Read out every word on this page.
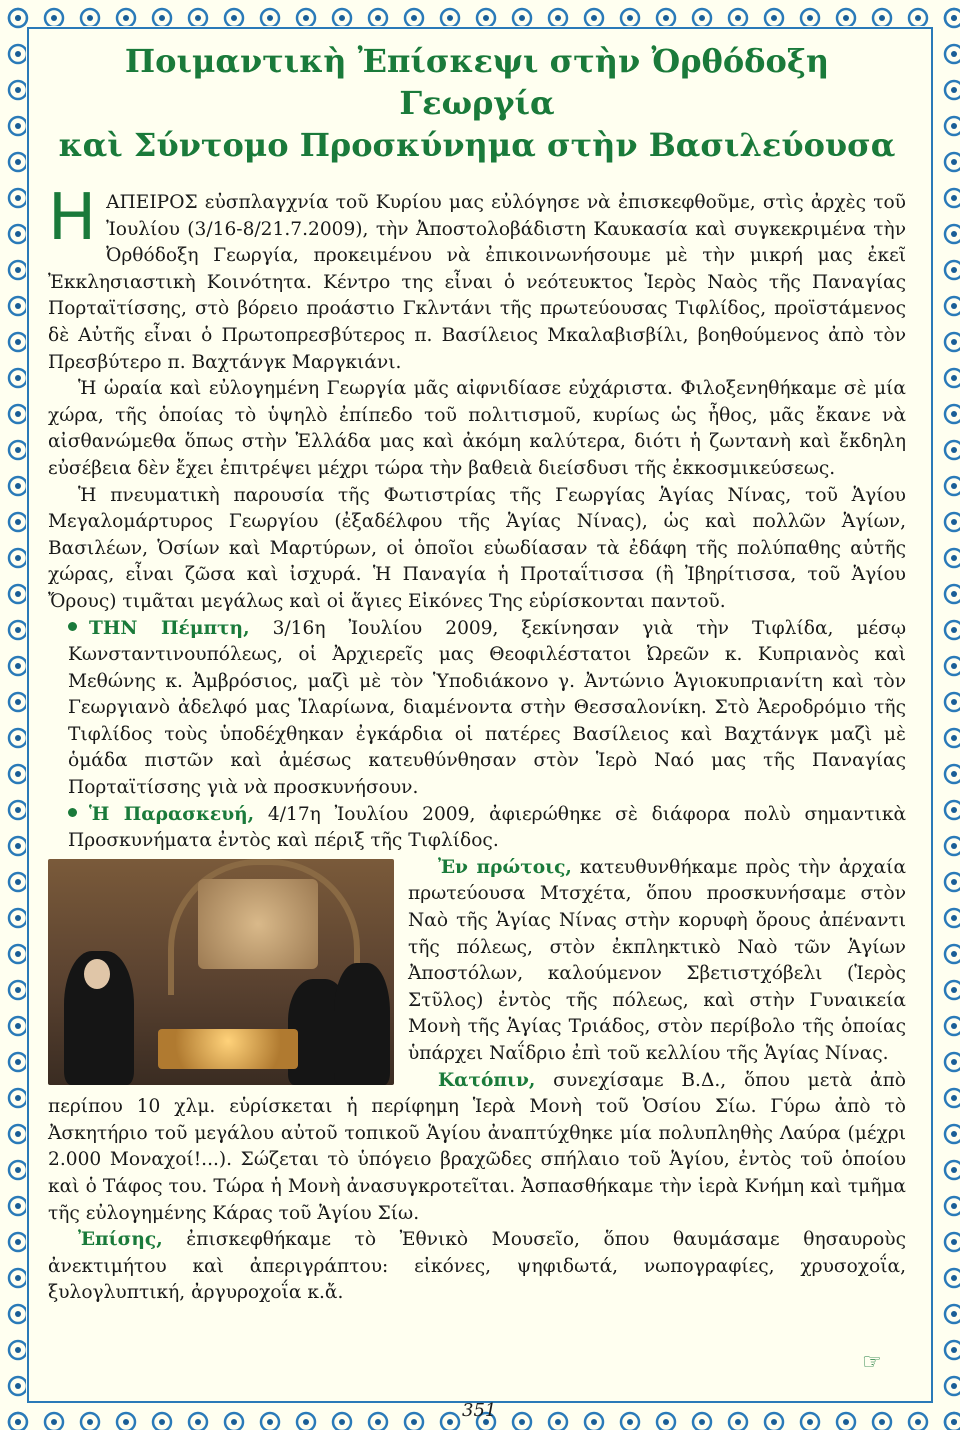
Ποιμαντικὴ Ἐπίσκεψι στὴν Ὀρθόδοξη Γεωργία
καὶ Σύντομο Προσκύνημα στὴν Βασιλεύουσα

ΗΑΠΕΙΡΟΣ εὐσπλαγχνία τοῦ Κυρίου μας εὐλόγησε νὰ ἐπισκεφθοῦμε, στὶς ἀρχὲς τοῦ Ἰουλίου (3/16-8/21.7.2009), τὴν Ἀποστολοβάδιστη Καυκασία καὶ συγκεκριμένα τὴν Ὀρθόδοξη Γεωργία, προκειμένου νὰ ἐπικοινωνήσουμε μὲ τὴν μικρή μας ἐκεῖ Ἐκκλησιαστικὴ Κοινότητα. Κέντρο της εἶναι ὁ νεότευκτος Ἱερὸς Ναὸς τῆς Παναγίας Πορταϊτίσσης, στὸ βόρειο προάστιο Γκλντάνι τῆς πρωτεύουσας Τιφλίδος, προϊστάμενος δὲ Αὐτῆς εἶναι ὁ Πρωτοπρεσβύτερος π. Βασίλειος Μκαλαβισβίλι, βοηθούμενος ἀπὸ τὸν Πρεσβύτερο π. Βαχτάνγκ Μαργκιάνι.

Ἡ ὡραία καὶ εὐλογημένη Γεωργία μᾶς αἰφνιδίασε εὐχάριστα. Φιλοξενηθήκαμε σὲ μία χώρα, τῆς ὁποίας τὸ ὑψηλὸ ἐπίπεδο τοῦ πολιτισμοῦ, κυρίως ὡς ἦθος, μᾶς ἔκανε νὰ αἰσθανώμεθα ὅπως στὴν Ἑλλάδα μας καὶ ἀκόμη καλύτερα, διότι ἡ ζωντανὴ καὶ ἔκδηλη εὐσέβεια δὲν ἔχει ἐπιτρέψει μέχρι τώρα τὴν βαθειὰ διείσδυσι τῆς ἐκκοσμικεύσεως.

Ἡ πνευματικὴ παρουσία τῆς Φωτιστρίας τῆς Γεωργίας Ἁγίας Νίνας, τοῦ Ἁγίου Μεγαλομάρτυρος Γεωργίου (ἐξαδέλφου τῆς Ἁγίας Νίνας), ὡς καὶ πολλῶν Ἁγίων, Βασιλέων, Ὁσίων καὶ Μαρτύρων, οἱ ὁποῖοι εὐωδίασαν τὰ ἐδάφη τῆς πολύπαθης αὐτῆς χώρας, εἶναι ζῶσα καὶ ἰσχυρά. Ἡ Παναγία ἡ Προταΐτισσα (ἢ Ἰβηρίτισσα, τοῦ Ἁγίου Ὄρους) τιμᾶται μεγάλως καὶ οἱ ἅγιες Εἰκόνες Της εὑρίσκονται παντοῦ.

ΤΗΝ Πέμπτη, 3/16η Ἰουλίου 2009, ξεκίνησαν γιὰ τὴν Τιφλίδα, μέσῳ Κωνσταντινουπόλεως, οἱ Ἀρχιερεῖς μας Θεοφιλέστατοι Ὠρεῶν κ. Κυπριανὸς καὶ Μεθώνης κ. Ἀμβρόσιος, μαζὶ μὲ τὸν Ὑποδιάκονο γ. Ἀντώνιο Ἁγιοκυπριανίτη καὶ τὸν Γεωργιανὸ ἀδελφό μας Ἱλαρίωνα, διαμένοντα στὴν Θεσσαλονίκη. Στὸ Ἀεροδρόμιο τῆς Τιφλίδος τοὺς ὑποδέχθηκαν ἐγκάρδια οἱ πατέρες Βασίλειος καὶ Βαχτάνγκ μαζὶ μὲ ὁμάδα πιστῶν καὶ ἀμέσως κατευθύνθησαν στὸν Ἱερὸ Ναό μας τῆς Παναγίας Πορταϊτίσσης γιὰ νὰ προσκυνήσουν.

Ἡ Παρασκευή, 4/17η Ἰουλίου 2009, ἀφιερώθηκε σὲ διάφορα πολὺ σημαντικὰ Προσκυνήματα ἐντὸς καὶ πέριξ τῆς Τιφλίδος.

Ἐν πρώτοις, κατευθυνθήκαμε πρὸς τὴν ἀρχαία πρωτεύουσα Μτσχέτα, ὅπου προσκυνήσαμε στὸν Ναὸ τῆς Ἁγίας Νίνας στὴν κορυφὴ ὄρους ἀπέναντι τῆς πόλεως, στὸν ἐκπληκτικὸ Ναὸ τῶν Ἁγίων Ἀποστόλων, καλούμενον Σβετιστχόβελι (Ἱερὸς Στῦλος) ἐντὸς τῆς πόλεως, καὶ στὴν Γυναικεία Μονὴ τῆς Ἁγίας Τριάδος, στὸν περίβολο τῆς ὁποίας ὑπάρχει Ναΐδριο ἐπὶ τοῦ κελλίου τῆς Ἁγίας Νίνας.

Κατόπιν, συνεχίσαμε Β.Δ., ὅπου μετὰ ἀπὸ περίπου 10 χλμ. εὑρίσκεται ἡ περίφημη Ἱερὰ Μονὴ τοῦ Ὁσίου Σίω. Γύρω ἀπὸ τὸ Ἀσκητήριο τοῦ μεγάλου αὐτοῦ τοπικοῦ Ἁγίου ἀναπτύχθηκε μία πολυπληθὴς Λαύρα (μέχρι 2.000 Μοναχοί!...). Σώζεται τὸ ὑπόγειο βραχῶδες σπήλαιο τοῦ Ἁγίου, ἐντὸς τοῦ ὁποίου καὶ ὁ Τάφος του. Τώρα ἡ Μονὴ ἀνασυγκροτεῖται. Ἀσπασθήκαμε τὴν ἱερὰ Κνήμη καὶ τμῆμα τῆς εὐλογημένης Κάρας τοῦ Ἁγίου Σίω.

Ἐπίσης, ἐπισκεφθήκαμε τὸ Ἐθνικὸ Μουσεῖο, ὅπου θαυμάσαμε θησαυροὺς ἀνεκτιμήτου καὶ ἀπεριγράπτου: εἰκόνες, ψηφιδωτά, νωπογραφίες, χρυσοχοΐα, ξυλογλυπτική, ἀργυροχοΐα κ.ἄ.

☞
351
